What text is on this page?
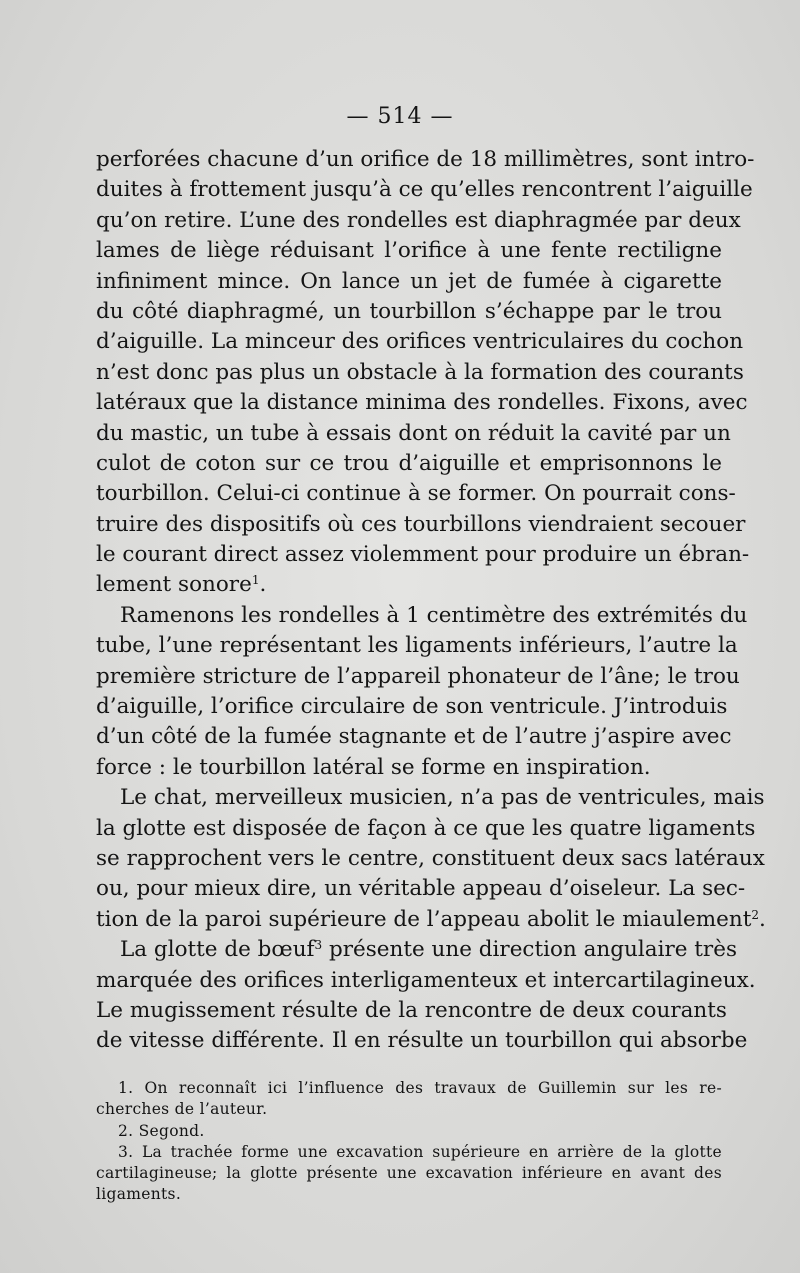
— 514 —
perforées chacune d’un orifice de 18 millimètres, sont intro-
duites à frottement jusqu’à ce qu’elles rencontrent l’aiguille
qu’on retire. L’une des rondelles est diaphragmée par deux
lames de liège réduisant l’orifice à une fente rectiligne
infiniment mince. On lance un jet de fumée à cigarette
du côté diaphragmé, un tourbillon s’échappe par le trou
d’aiguille. La minceur des orifices ventriculaires du cochon
n’est donc pas plus un obstacle à la formation des courants
latéraux que la distance minima des rondelles. Fixons, avec
du mastic, un tube à essais dont on réduit la cavité par un
culot de coton sur ce trou d’aiguille et emprisonnons le
tourbillon. Celui-ci continue à se former. On pourrait cons-
truire des dispositifs où ces tourbillons viendraient secouer
le courant direct assez violemment pour produire un ébran-
lement sonore$^1$.
Ramenons les rondelles à 1 centimètre des extrémités du
tube, l’une représentant les ligaments inférieurs, l’autre la
première stricture de l’appareil phonateur de l’âne; le trou
d’aiguille, l’orifice circulaire de son ventricule. J’introduis
d’un côté de la fumée stagnante et de l’autre j’aspire avec
force : le tourbillon latéral se forme en inspiration.
Le chat, merveilleux musicien, n’a pas de ventricules, mais
la glotte est disposée de façon à ce que les quatre ligaments
se rapprochent vers le centre, constituent deux sacs latéraux
ou, pour mieux dire, un véritable appeau d’oiseleur. La sec-
tion de la paroi supérieure de l’appeau abolit le miaulement$^2$.
La glotte de bœuf$^3$ présente une direction angulaire très
marquée des orifices interligamenteux et intercartilagineux.
Le mugissement résulte de la rencontre de deux courants
de vitesse différente. Il en résulte un tourbillon qui absorbe
1. On reconnaît ici l’influence des travaux de Guillemin sur les re-
cherches de l’auteur.
2. Segond.
3. La trachée forme une excavation supérieure en arrière de la glotte
cartilagineuse; la glotte présente une excavation inférieure en avant des
ligaments.
